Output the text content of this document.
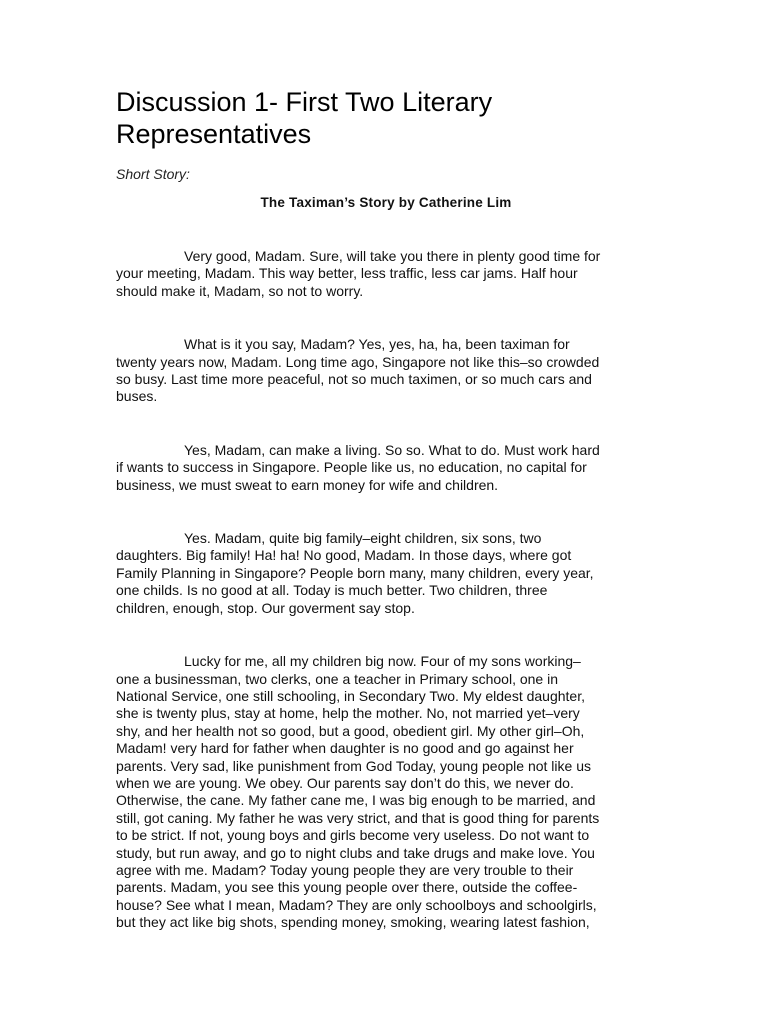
Discussion 1- First Two Literary
Representatives
Short Story:
The Taximan’s Story by Catherine Lim

Very good, Madam. Sure, will take you there in plenty good time for
your meeting, Madam. This way better, less traffic, less car jams. Half hour
should make it, Madam, so not to worry.

What is it you say, Madam? Yes, yes, ha, ha, been taximan for
twenty years now, Madam. Long time ago, Singapore not like this–so crowded
so busy. Last time more peaceful, not so much taximen, or so much cars and
buses.

Yes, Madam, can make a living. So so. What to do. Must work hard
if wants to success in Singapore. People like us, no education, no capital for
business, we must sweat to earn money for wife and children.

Yes. Madam, quite big family–eight children, six sons, two
daughters. Big family! Ha! ha! No good, Madam. In those days, where got
Family Planning in Singapore? People born many, many children, every year,
one childs. Is no good at all. Today is much better. Two children, three
children, enough, stop. Our goverment say stop.

Lucky for me, all my children big now. Four of my sons working–
one a businessman, two clerks, one a teacher in Primary school, one in
National Service, one still schooling, in Secondary Two. My eldest daughter,
she is twenty plus, stay at home, help the mother. No, not married yet–very
shy, and her health not so good, but a good, obedient girl. My other girl–Oh,
Madam! very hard for father when daughter is no good and go against her
parents. Very sad, like punishment from God Today, young people not like us
when we are young. We obey. Our parents say don’t do this, we never do.
Otherwise, the cane. My father cane me, I was big enough to be married, and
still, got caning. My father he was very strict, and that is good thing for parents
to be strict. If not, young boys and girls become very useless. Do not want to
study, but run away, and go to night clubs and take drugs and make love. You
agree with me. Madam? Today young people they are very trouble to their
parents. Madam, you see this young people over there, outside the coffee-
house? See what I mean, Madam? They are only schoolboys and schoolgirls,
but they act like big shots, spending money, smoking, wearing latest fashion,
